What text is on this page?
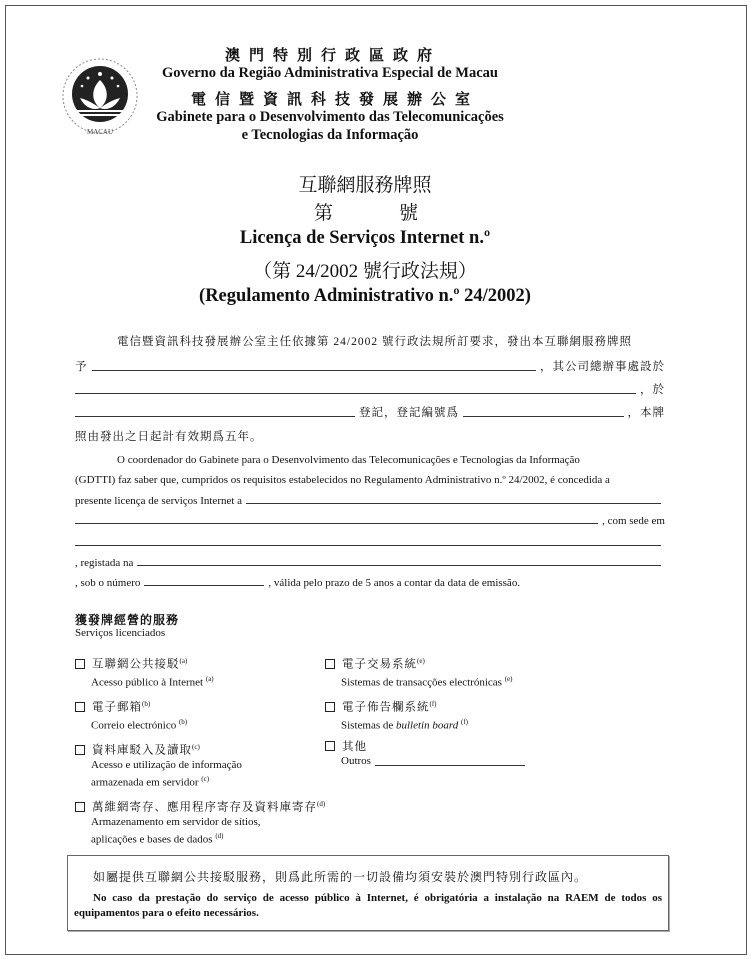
MACAU
澳門特別行政區政府
Governo da Região Administrativa Especial de Macau
電信暨資訊科技發展辦公室
Gabinete para o Desenvolvimento das Telecomunicações
e Tecnologias da Informação
互聯網服務牌照
第	號
Licença de Serviços Internet n.º
（第 24/2002 號行政法規）
(Regulamento Administrativo n.º 24/2002)
電信暨資訊科技發展辦公室主任依據第 24/2002 號行政法規所訂要求，發出本互聯網服務牌照
予	，其公司總辦事處設於
，於
登記，登記編號爲	，本牌
照由發出之日起計有效期爲五年。
O coordenador do Gabinete para o Desenvolvimento das Telecomunicações e Tecnologias da Informação
(GDTTI) faz saber que, cumpridos os requisitos estabelecidos no Regulamento Administrativo n.º 24/2002, é concedida a
presente licença de serviços Internet a
, com sede em
, registada na
, sob o número	, válida pelo prazo de 5 anos a contar da data de emissão.
獲發牌經營的服務
Serviços licenciados
互聯網公共接駁$^{(a)}$
Acesso público à Internet $^{(a)}$
電子交易系統$^{(e)}$
Sistemas de transacções electrónicas $^{(e)}$
電子郵箱$^{(b)}$
Correio electrónico $^{(b)}$
電子佈告欄系統$^{(f)}$
Sistemas de bulletin board $^{(f)}$
資料庫駁入及讀取$^{(c)}$
Acesso e utilização de informação
armazenada em servidor $^{(c)}$
其他
Outros
萬維網寄存、應用程序寄存及資料庫寄存$^{(d)}$
Armazenamento em servidor de sítios,
aplicações e bases de dados $^{(d)}$
如屬提供互聯網公共接駁服務，則爲此所需的一切設備均須安裝於澳門特別行政區內。
No caso da prestação do serviço de acesso público à Internet, é obrigatória a instalação na RAEM de todos os equipamentos para o efeito necessários.
